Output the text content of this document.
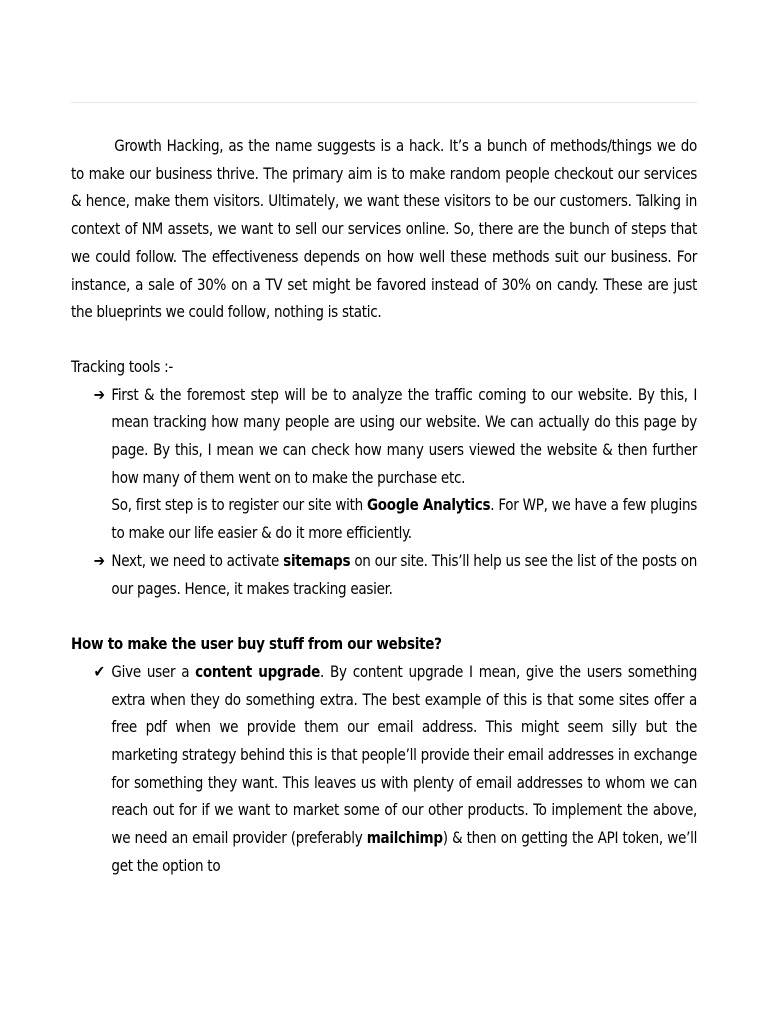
Growth Hacking, as the name suggests is a hack. It’s a bunch of methods/things we do to make our business thrive. The primary aim is to make random people checkout our services & hence, make them visitors. Ultimately, we want these visitors to be our customers. Talking in context of NM assets, we want to sell our services online. So, there are the bunch of steps that we could follow. The effectiveness depends on how well these methods suit our business. For instance, a sale of 30% on a TV set might be favored instead of 30% on candy. These are just the blueprints we could follow, nothing is static.

Tracking tools :-

➔ First & the foremost step will be to analyze the traffic coming to our website. By this, I mean tracking how many people are using our website. We can actually do this page by page. By this, I mean we can check how many users viewed the website & then further how many of them went on to make the purchase etc.
So, first step is to register our site with Google Analytics. For WP, we have a few plugins to make our life easier & do it more efficiently.
➔ Next, we need to activate sitemaps on our site. This’ll help us see the list of the posts on our pages. Hence, it makes tracking easier.

How to make the user buy stuff from our website?

✔ Give user a content upgrade. By content upgrade I mean, give the users something extra when they do something extra. The best example of this is that some sites offer a free pdf when we provide them our email address. This might seem silly but the marketing strategy behind this is that people’ll provide their email addresses in exchange for something they want. This leaves us with plenty of email addresses to whom we can reach out for if we want to market some of our other products. To implement the above, we need an email provider (preferably mailchimp) & then on getting the API token, we’ll get the option to
